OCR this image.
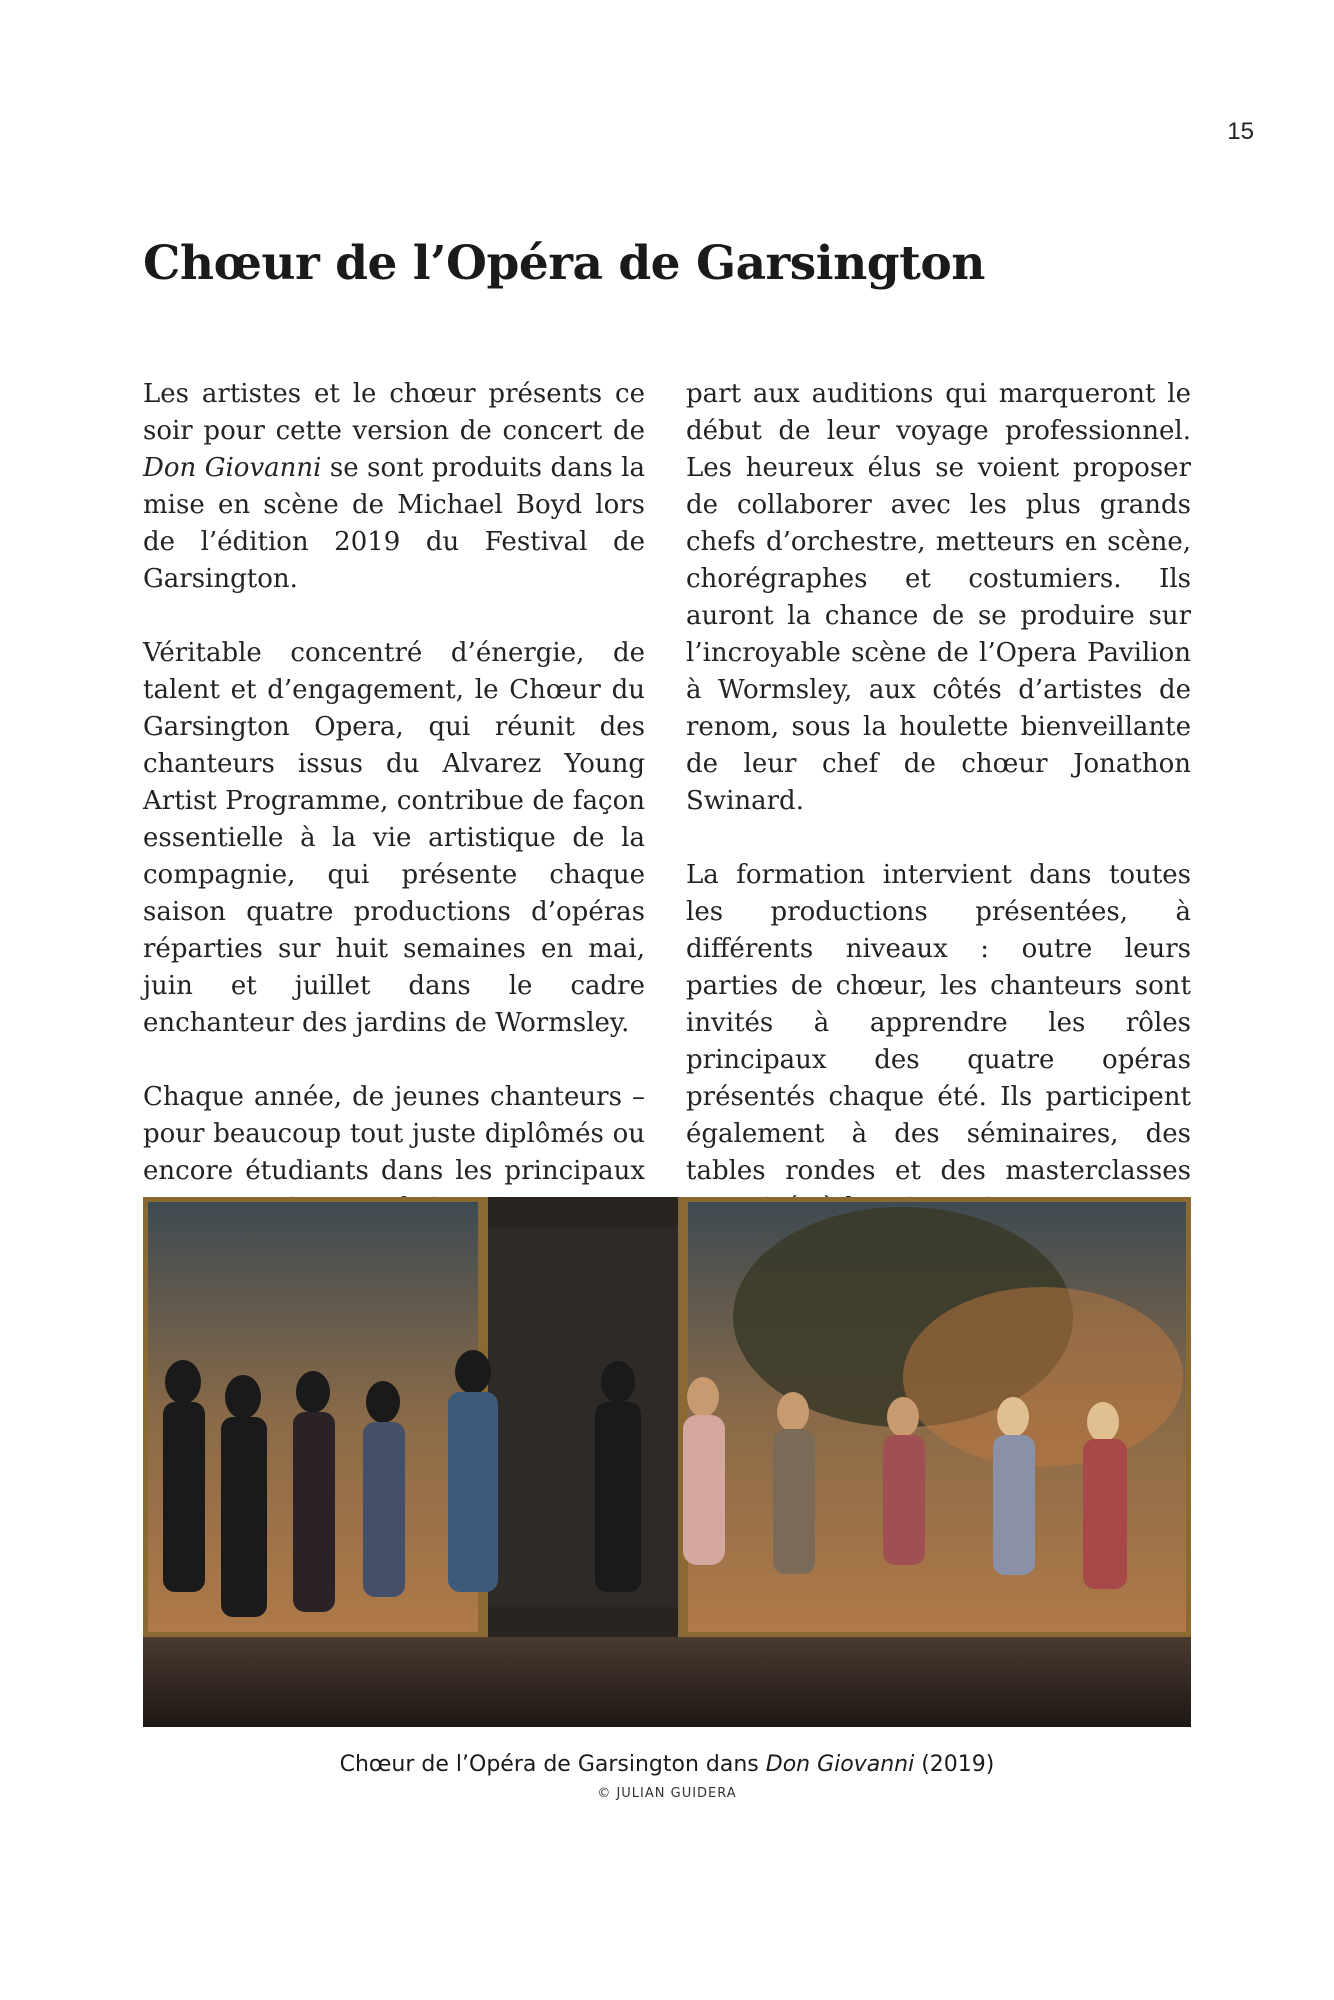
15
Chœur de l’Opéra de Garsington

Les artistes et le chœur présents ce soir pour cette version de concert de Don Giovanni se sont produits dans la mise en scène de Michael Boyd lors de l’édition 2019 du Festival de Garsington.

Véritable concentré d’énergie, de talent et d’engagement, le Chœur du Garsington Opera, qui réunit des chanteurs issus du Alvarez Young Artist Programme, contribue de façon essentielle à la vie artistique de la compagnie, qui présente chaque saison quatre productions d’opéras réparties sur huit semaines en mai, juin et juillet dans le cadre enchanteur des jardins de Wormsley.

Chaque année, de jeunes chanteurs – pour beaucoup tout juste diplômés ou encore étudiants dans les principaux

part aux auditions qui marqueront le début de leur voyage professionnel. Les heureux élus se voient proposer de collaborer avec les plus grands chefs d’orchestre, metteurs en scène, chorégraphes et costumiers. Ils auront la chance de se produire sur l’incroyable scène de l’Opera Pavilion à Wormsley, aux côtés d’artistes de renom, sous la houlette bienveillante de leur chef de chœur Jonathon Swinard.

La formation intervient dans toutes les productions présentées, à différents niveaux : outre leurs parties de chœur, les chanteurs sont invités à apprendre les rôles principaux des quatre opéras présentés chaque été. Ils participent également à des séminaires, des tables rondes et des masterclasses

Chœur de l’Opéra de Garsington dans Don Giovanni (2019)
© JULIAN GUIDERA
